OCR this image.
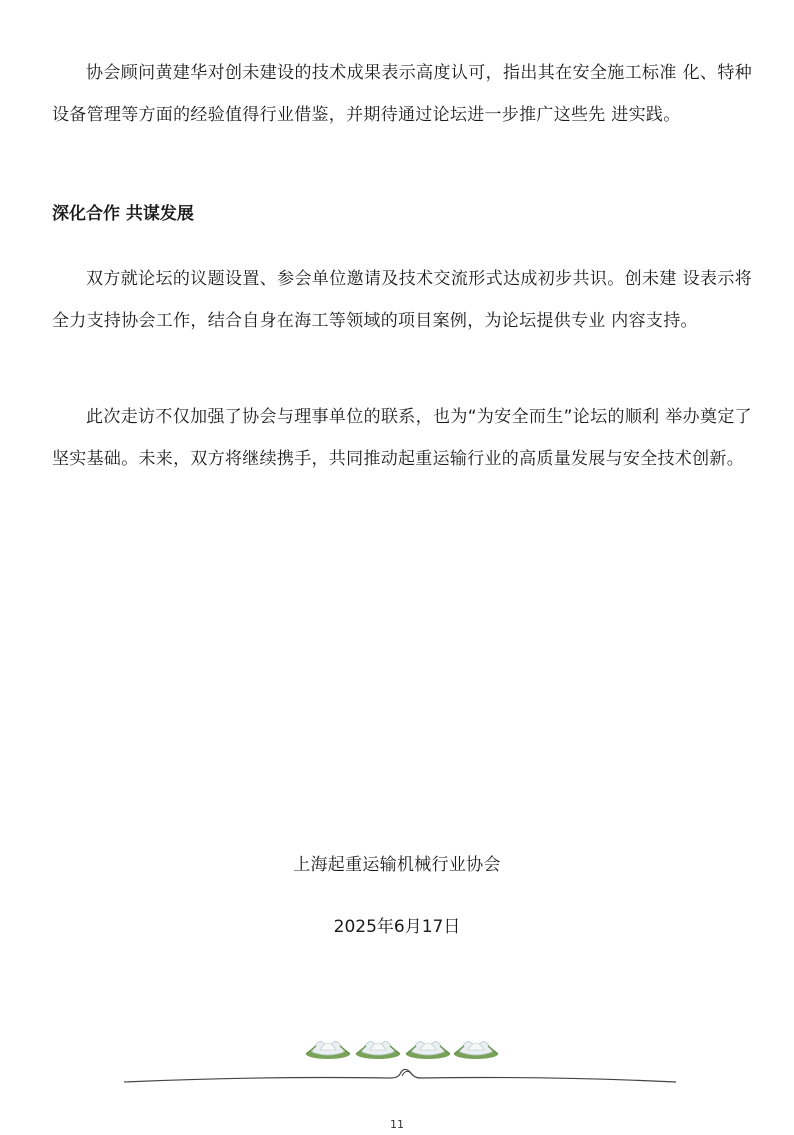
协会顾问黄建华对创未建设的技术成果表示高度认可，指出其在安全施工标准 化、特种设备管理等方面的经验值得行业借鉴，并期待通过论坛进一步推广这些先 进实践。

深化合作 共谋发展

双方就论坛的议题设置、参会单位邀请及技术交流形式达成初步共识。创未建 设表示将全力支持协会工作，结合自身在海工等领域的项目案例，为论坛提供专业 内容支持。

此次走访不仅加强了协会与理事单位的联系，也为“为安全而生”论坛的顺利 举办奠定了坚实基础。未来，双方将继续携手，共同推动起重运输行业的高质量发展与安全技术创新。

上海起重运输机械行业协会
2025年6月17日
11
